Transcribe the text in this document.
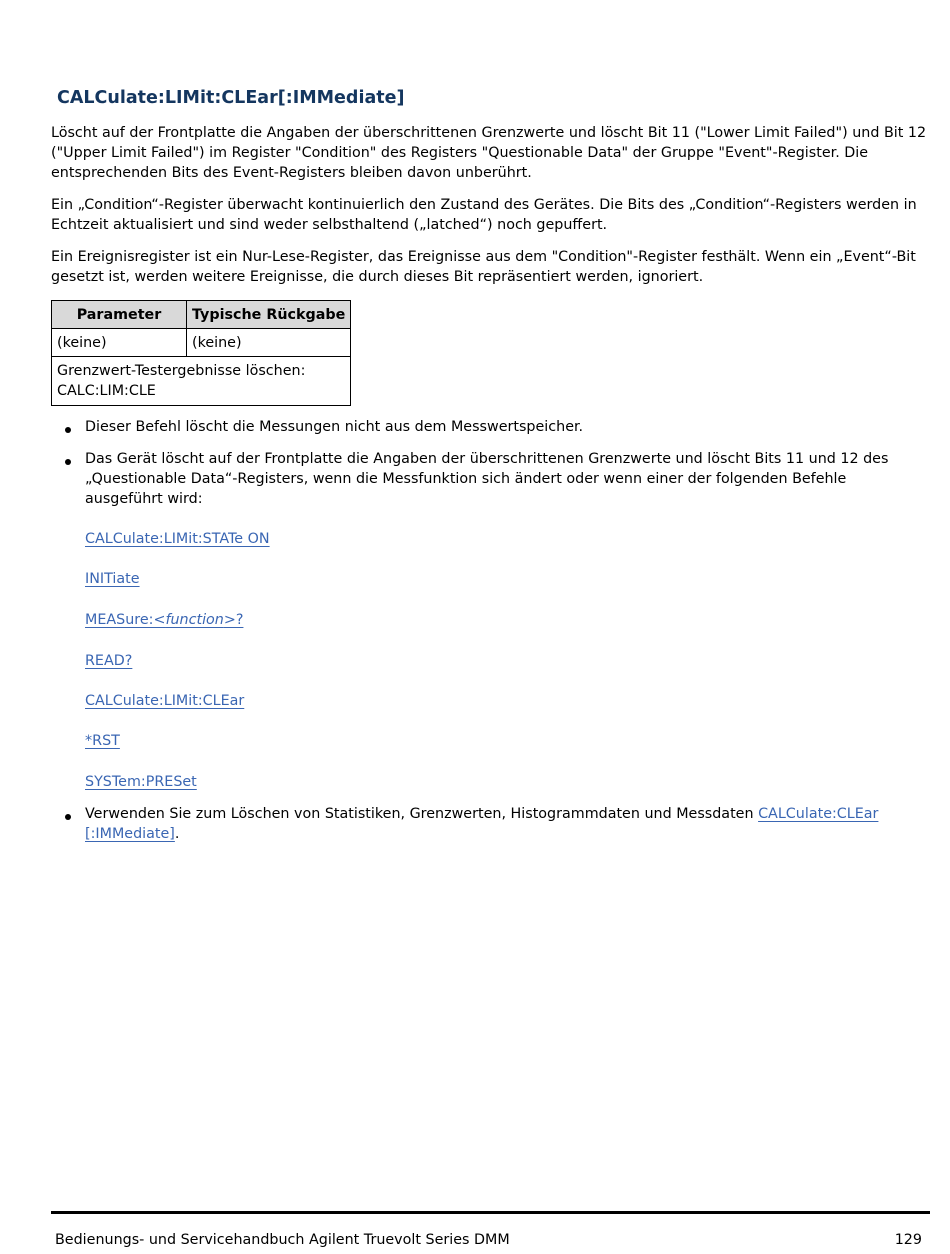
CALCulate:LIMit:CLEar[:IMMediate]

Löscht auf der Frontplatte die Angaben der überschrittenen Grenzwerte und löscht Bit 11 ("Lower Limit Failed") und Bit 12 ("Upper Limit Failed") im Register "Condition" des Registers "Questionable Data" der Gruppe "Event"-Register. Die entsprechenden Bits des Event-Registers bleiben davon unberührt.

Ein „Condition“-Register überwacht kontinuierlich den Zustand des Gerätes. Die Bits des „Condition“-Registers werden in Echtzeit aktualisiert und sind weder selbsthaltend („latched“) noch gepuffert.

Ein Ereignisregister ist ein Nur-Lese-Register, das Ereignisse aus dem "Condition"-Register festhält. Wenn ein „Event“-Bit gesetzt ist, werden weitere Ereignisse, die durch dieses Bit repräsentiert werden, ignoriert.

Parameter	Typische Rückgabe
(keine)	(keine)
Grenzwert-Testergebnisse löschen:
CALC:LIM:CLE	

Dieser Befehl löscht die Messungen nicht aus dem Messwertspeicher.

Das Gerät löscht auf der Frontplatte die Angaben der überschrittenen Grenzwerte und löscht Bits 11 und 12 des „Questionable Data“-Registers, wenn die Messfunktion sich ändert oder wenn einer der folgenden Befehle ausgeführt wird:

CALCulate:LIMit:STATe ON
INITiate
MEASure:<function>?
READ?
CALCulate:LIMit:CLEar
*RST
SYSTem:PRESet

Verwenden Sie zum Löschen von Statistiken, Grenzwerten, Histogrammdaten und Messdaten CALCulate:CLEar [:IMMediate].

Bedienungs- und Servicehandbuch Agilent Truevolt Series DMM	129
